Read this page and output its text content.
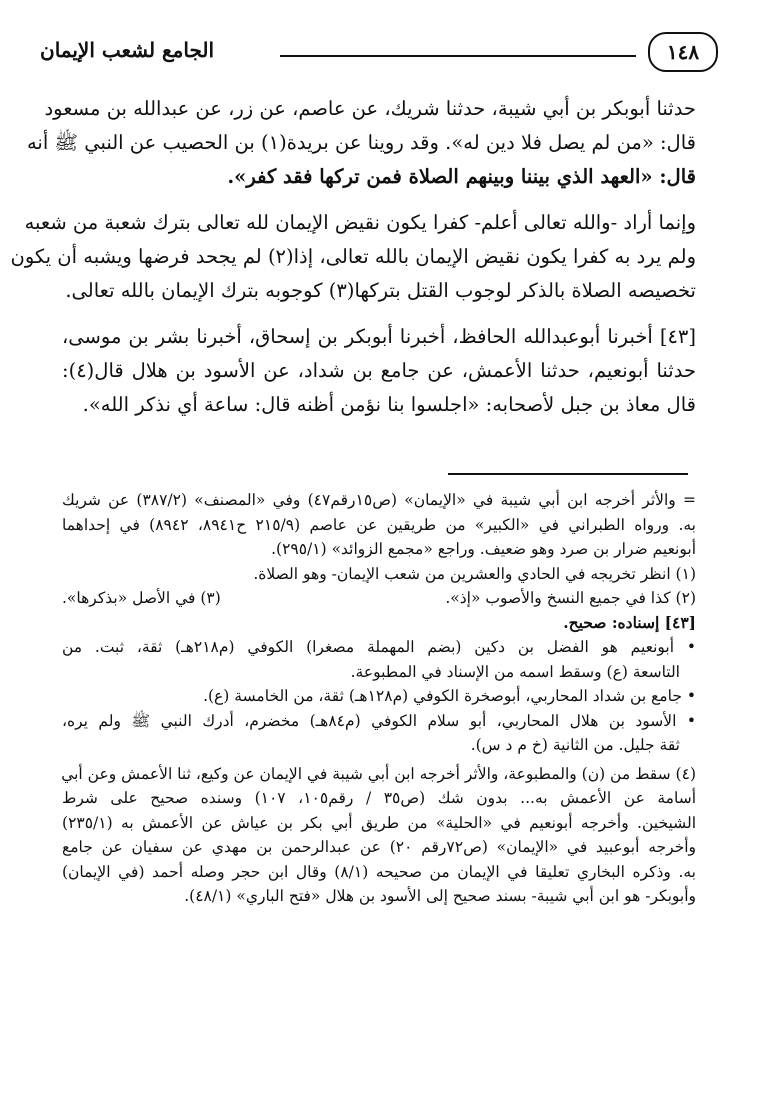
١٤٨
الجامع لشعب الإيمان
حدثنا أبوبكر بن أبي شيبة، حدثنا شريك، عن عاصم، عن زر، عن عبدالله بن مسعود
قال: «من لم يصل فلا دين له». وقد روينا عن بريدة(١) بن الحصيب عن النبي ﷺ أنه
قال: «العهد الذي بيننا وبينهم الصلاة فمن تركها فقد كفر».
وإنما أراد -والله تعالى أعلم- كفرا يكون نقيض الإيمان لله تعالى بترك شعبة من شعبه
ولم يرد به كفرا يكون نقيض الإيمان بالله تعالى، إذا(٢) لم يجحد فرضها ويشبه أن يكون
تخصيصه الصلاة بالذكر لوجوب القتل بتركها(٣) كوجوبه بترك الإيمان بالله تعالى.
[٤٣] أخبرنا أبوعبدالله الحافظ، أخبرنا أبوبكر بن إسحاق، أخبرنا بشر بن موسى،
حدثنا أبونعيم، حدثنا الأعمش، عن جامع بن شداد، عن الأسود بن هلال قال(٤):
قال معاذ بن جبل لأصحابه: «اجلسوا بنا نؤمن أظنه قال: ساعة أي نذكر الله».
= والأثر أخرجه ابن أبي شيبة في «الإيمان» (ص١٥رقم٤٧) وفي «المصنف» (٣٨٧/٢) عن شريك
به. ورواه الطبراني في «الكبير» من طريقين عن عاصم (٢١٥/٩ ح٨٩٤١، ٨٩٤٢) في إحداهما
أبونعيم ضرار بن صرد وهو ضعيف. وراجع «مجمع الزوائد» (٢٩٥/١).
(١) انظر تخريجه في الحادي والعشرين من شعب الإيمان- وهو الصلاة.
(٢) كذا في جميع النسخ والأصوب «إذ».
(٣) في الأصل «بذكرها».
[٤٣] إسناده: صحيح.
• أبونعيم هو الفضل بن دكين (بضم المهملة مصغرا) الكوفي (م٢١٨هـ) ثقة، ثبت. من
التاسعة (ع) وسقط اسمه من الإسناد في المطبوعة.
• جامع بن شداد المحاربي، أبوصخرة الكوفي (م١٢٨هـ) ثقة، من الخامسة (ع).
• الأسود بن هلال المحاربي، أبو سلام الكوفي (م٨٤هـ) مخضرم، أدرك النبي ﷺ ولم يره،
ثقة جليل. من الثانية (خ م د س).
(٤) سقط من (ن) والمطبوعة، والأثر أخرجه ابن أبي شيبة في الإيمان عن وكيع، ثنا الأعمش وعن أبي
أسامة عن الأعمش به... بدون شك (ص٣٥ / رقم١٠٥، ١٠٧) وسنده صحيح على شرط
الشيخين. وأخرجه أبونعيم في «الحلية» من طريق أبي بكر بن عياش عن الأعمش به (٢٣٥/١)
وأخرجه أبوعبيد في «الإيمان» (ص٧٢رقم ٢٠) عن عبدالرحمن بن مهدي عن سفيان عن جامع
به. وذكره البخاري تعليقا في الإيمان من صحيحه (٨/١) وقال ابن حجر وصله أحمد (في الإيمان)
وأبوبكر- هو ابن أبي شيبة- بسند صحيح إلى الأسود بن هلال «فتح الباري» (٤٨/١).
